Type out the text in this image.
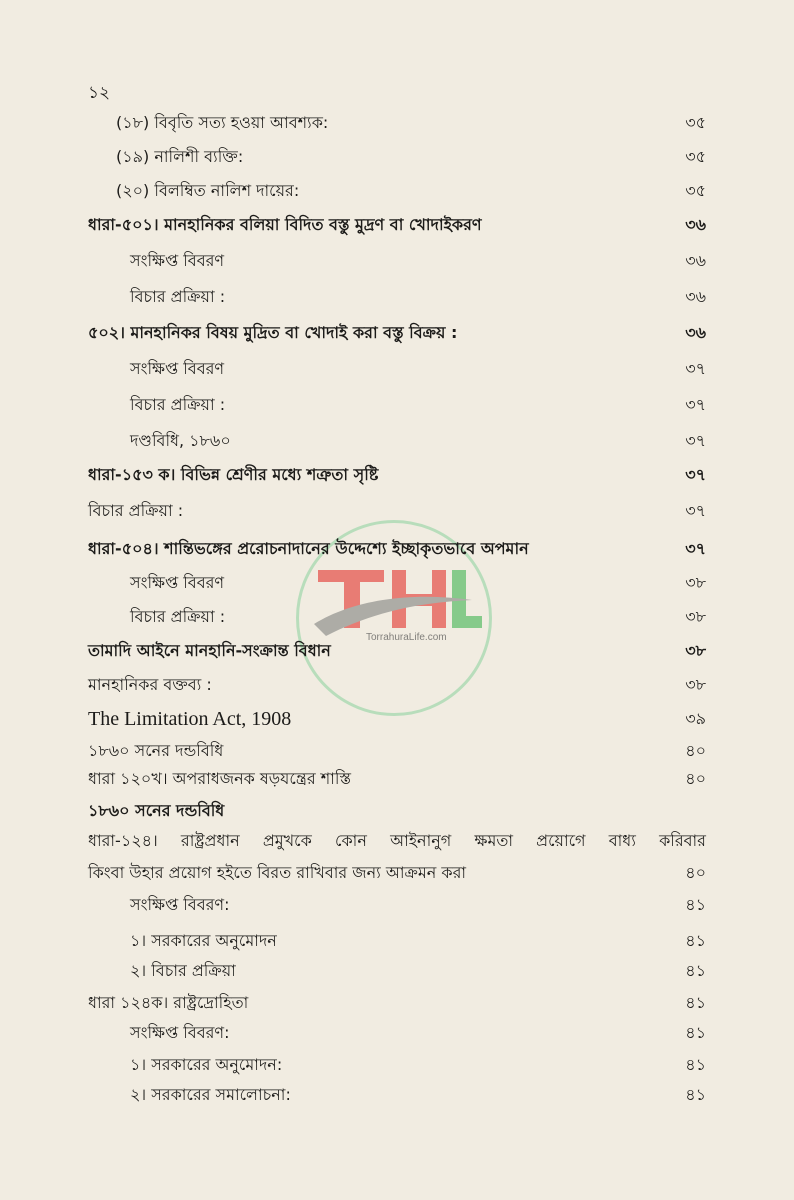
১২
TorrahuraLife.com
(১৮) বিবৃতি সত্য হওয়া আবশ্যক:	৩৫
(১৯) নালিশী ব্যক্তি:	৩৫
(২০) বিলম্বিত নালিশ দায়ের:	৩৫
ধারা-৫০১। মানহানিকর বলিয়া বিদিত বস্তু মুদ্রণ বা খোদাইকরণ	৩৬
সংক্ষিপ্ত বিবরণ	৩৬
বিচার প্রক্রিয়া :	৩৬
৫০২। মানহানিকর বিষয় মুদ্রিত বা খোদাই করা বস্তু বিক্রয় :	৩৬
সংক্ষিপ্ত বিবরণ	৩৭
বিচার প্রক্রিয়া :	৩৭
দণ্ডবিধি, ১৮৬০	৩৭
ধারা-১৫৩ ক। বিভিন্ন শ্রেণীর মধ্যে শত্রুতা সৃষ্টি	৩৭
বিচার প্রক্রিয়া :	৩৭
ধারা-৫০৪। শান্তিভঙ্গের প্ররোচনাদানের উদ্দেশ্যে ইচ্ছাকৃতভাবে অপমান	৩৭
সংক্ষিপ্ত বিবরণ	৩৮
বিচার প্রক্রিয়া :	৩৮
তামাদি আইনে মানহানি-সংক্রান্ত বিধান	৩৮
মানহানিকর বক্তব্য :	৩৮
The Limitation Act, 1908	৩৯
১৮৬০ সনের দন্ডবিধি	৪০
ধারা ১২০খ। অপরাধজনক ষড়যন্ত্রের শাস্তি	৪০
১৮৬০ সনের দন্ডবিধি
ধারা-১২৪। রাষ্ট্রপ্রধান প্রমুখকে কোন আইনানুগ ক্ষমতা প্রয়োগে বাধ্য করিবার
কিংবা উহার প্রয়োগ হইতে বিরত রাখিবার জন্য আক্রমন করা	৪০
সংক্ষিপ্ত বিবরণ:	৪১
১। সরকারের অনুমোদন	৪১
২। বিচার প্রক্রিয়া	৪১
ধারা ১২৪ক। রাষ্ট্রদ্রোহিতা	৪১
সংক্ষিপ্ত বিবরণ:	৪১
১। সরকারের অনুমোদন:	৪১
২। সরকারের সমালোচনা:	৪১
